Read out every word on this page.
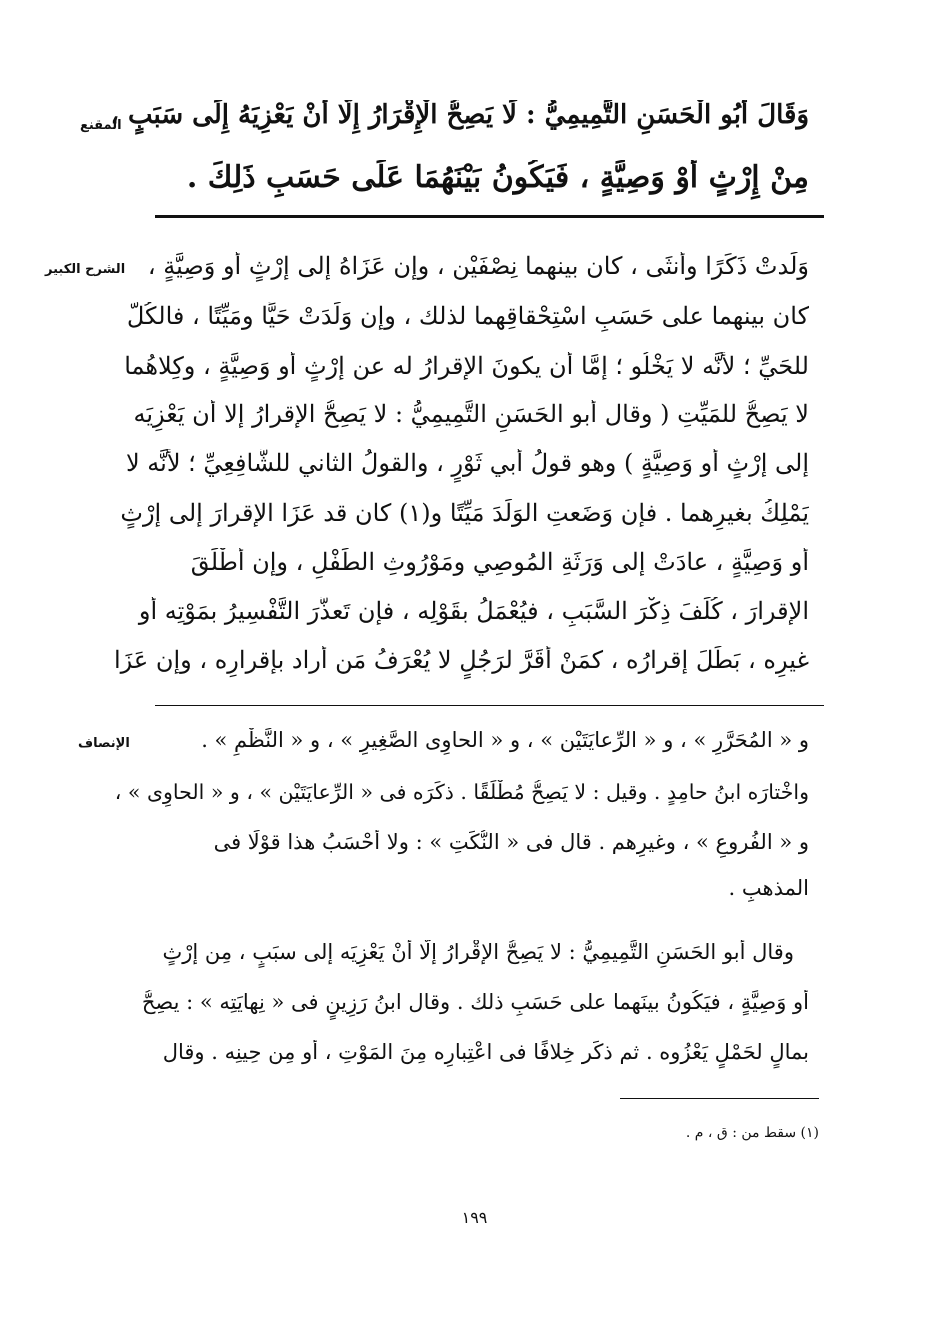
المقنع
وَقَالَ أَبُو الْحَسَنِ التَّمِيمِيُّ : لَا يَصِحُّ الْإِقْرَارُ إِلَّا أَنْ يَعْزِيَهُ إِلَى سَبَبٍ ،
مِنْ إِرْثٍ أَوْ وَصِيَّةٍ ، فَيَكُونُ بَيْنَهُمَا عَلَى حَسَبِ ذَلِكَ .
الشرح الكبير وَلَدتْ ذَكَرًا وأُنثَى ، كان بينهما نِصْفَيْن ، وإن عَزَاهُ إلى إرْثٍ أو وَصِيَّةٍ ،
كان بينهما على حَسَبِ اسْتِحْقاقِهما لذلك ، وإن وَلَدَتْ حَيًّا ومَيِّتًا ، فالكُلُّ
للحَيِّ ؛ لأنَّه لا يَخْلُو ؛ إمَّا أن يكونَ الإقرارُ له عن إرْثٍ أو وَصِيَّةٍ ، وكِلاهُما
لا يَصِحُّ للمَيِّتِ ( وقال أبو الحَسَنِ التَّمِيمِيُّ : لا يَصِحُّ الإقرارُ إلا أن يَعْزِيَه
إلى إرْثٍ أو وَصِيَّةٍ ) وهو قولُ أبي ثَوْرٍ ، والقولُ الثاني للشَّافِعِيِّ ؛ لأنَّه لا
يَمْلِكُ بغيرِهما . فإن وَضَعتِ الوَلَدَ مَيِّتًا و(١) كان قد عَزَا الإقرارَ إلى إرْثٍ
أو وَصِيَّةٍ ، عادَتْ إلى وَرَثَةِ المُوصِي ومَوْرُوثِ الطِّفْلِ ، وإن أطْلَقَ
الإقرارَ ، كُلِّفَ ذِكْرَ السَّبَبِ ، فيُعْمَلُ بقَوْلِه ، فإن تَعذَّرَ التَّفْسِيرُ بمَوْتِه أو
غيرِه ، بَطَلَ إقرارُه ، كمَنْ أقَرَّ لرَجُلٍ لا يُعْرَفُ مَن أراد بإقرارِه ، وإن عَزَا
الإنصاف	و « المُحَرَّرِ » ، و « الرِّعايَتَيْن » ، و « الحاوِى الصَّغِيرِ » ، و « النَّظْمِ » .
واخْتارَه ابنُ حامِدٍ . وقيل : لا يَصِحُّ مُطْلَقًا . ذكَرَه فى « الرِّعايَتَيْن » ، و « الحاوِى » ،
و « الفُروعِ » ، وغيرِهم . قال فى « النُّكَتِ » : ولا أحْسَبُ هذا قوْلًا فى
المذهبِ .
وقال أبو الحَسَنِ التَّمِيمِيُّ : لا يَصِحُّ الإقْرارُ إلَّا أنْ يَعْزِيَه إلى سبَبٍ ، مِن إرْثٍ
أو وَصِيَّةٍ ، فيَكُونُ بينَهما على حَسَبِ ذلك . وقال ابنُ رَزِينٍ فى « نِهايَتِه » : يصِحُّ
بمالٍ لحَمْلٍ يَعْزُوه . ثم ذكَر خِلافًا فى اعْتِبارِه مِنَ المَوْتِ ، أو مِن حِينِه . وقال
(١) سقط من : ق ، م .
١٩٩
